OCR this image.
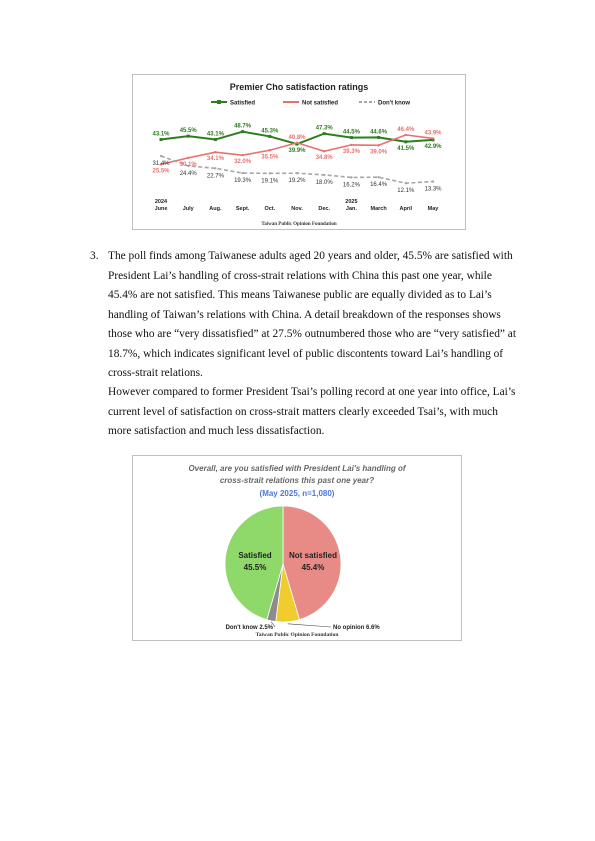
Premier Cho satisfaction ratings
Satisfied	Not satisfied	Don't know
43.1%
45.5%
43.1%
48.7%
45.3%
39.9%
47.3%
44.5% 44.6%
41.5% 42.9%
25.5%
30.1%
34.1% 32.0%
35.5%
40.8%
34.8%
39.3% 39.0%
46.4%
43.9%
31.4%
24.4% 22.7%
19.3% 19.1% 19.2% 18.0% 16.2% 16.4%
12.1% 13.3%
June	July	Aug.	Sept.	Oct.	Nov.	Dec.	Jan. March April	May
2024	2025
Taiwan Public Opinion Foundation
3. The poll finds among Taiwanese adults aged 20 years and older, 45.5% are satisfied with President Lai’s handling of cross-strait relations with China this past one year, while 45.4% are not satisfied. This means Taiwanese public are equally divided as to Lai’s handling of Taiwan’s relations with China. A detail breakdown of the responses shows those who are “very dissatisfied” at 27.5% outnumbered those who are “very satisfied” at 18.7%, which indicates significant level of public discontents toward Lai’s handling of cross-strait relations.

However compared to former President Tsai’s polling record at one year into office, Lai’s current level of satisfaction on cross-strait matters clearly exceeded Tsai’s, with much more satisfaction and much less dissatisfaction.

Overall, are you satisfied with President Lai's handling of
cross-strait relations this past one year?
(May 2025, n=1,080)
Not satisfied
45.4%
Satisfied
45.5%
No opinion 6.6%
Don't know 2.5%
Taiwan Public Opinion Foundation
